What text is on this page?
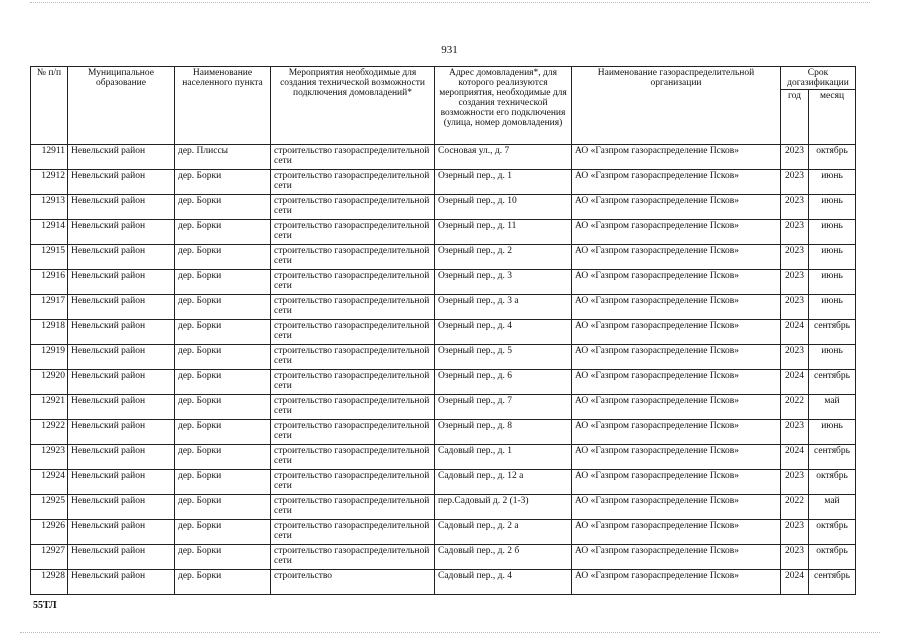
931
№ п/п	Муниципальное образование	Наименование населенного пункта	Мероприятия необходимые для создания технической возможности подключения домовладений*	Адрес домовладения*, для которого реализуются мероприятия, необходимые для создания технической возможности его подключения (улица, номер домовладения)	Наименование газораспределительной организации	Срок догазификации	
						год	месяц
12911	Невельский район	дер. Плиссы	строительство газораспределительной сети	Сосновая ул., д. 7	АО «Газпром газораспределение Псков»	2023	октябрь
12912	Невельский район	дер. Борки	строительство газораспределительной сети	Озерный пер., д. 1	АО «Газпром газораспределение Псков»	2023	июнь
12913	Невельский район	дер. Борки	строительство газораспределительной сети	Озерный пер., д. 10	АО «Газпром газораспределение Псков»	2023	июнь
12914	Невельский район	дер. Борки	строительство газораспределительной сети	Озерный пер., д. 11	АО «Газпром газораспределение Псков»	2023	июнь
12915	Невельский район	дер. Борки	строительство газораспределительной сети	Озерный пер., д. 2	АО «Газпром газораспределение Псков»	2023	июнь
12916	Невельский район	дер. Борки	строительство газораспределительной сети	Озерный пер., д. 3	АО «Газпром газораспределение Псков»	2023	июнь
12917	Невельский район	дер. Борки	строительство газораспределительной сети	Озерный пер., д. 3 а	АО «Газпром газораспределение Псков»	2023	июнь
12918	Невельский район	дер. Борки	строительство газораспределительной сети	Озерный пер., д. 4	АО «Газпром газораспределение Псков»	2024	сентябрь
12919	Невельский район	дер. Борки	строительство газораспределительной сети	Озерный пер., д. 5	АО «Газпром газораспределение Псков»	2023	июнь
12920	Невельский район	дер. Борки	строительство газораспределительной сети	Озерный пер., д. 6	АО «Газпром газораспределение Псков»	2024	сентябрь
12921	Невельский район	дер. Борки	строительство газораспределительной сети	Озерный пер., д. 7	АО «Газпром газораспределение Псков»	2022	май
12922	Невельский район	дер. Борки	строительство газораспределительной сети	Озерный пер., д. 8	АО «Газпром газораспределение Псков»	2023	июнь
12923	Невельский район	дер. Борки	строительство газораспределительной сети	Садовый пер., д. 1	АО «Газпром газораспределение Псков»	2024	сентябрь
12924	Невельский район	дер. Борки	строительство газораспределительной сети	Садовый пер., д. 12 а	АО «Газпром газораспределение Псков»	2023	октябрь
12925	Невельский район	дер. Борки	строительство газораспределительной сети	пер.Садовый д. 2 (1-3)	АО «Газпром газораспределение Псков»	2022	май
12926	Невельский район	дер. Борки	строительство газораспределительной сети	Садовый пер., д. 2 а	АО «Газпром газораспределение Псков»	2023	октябрь
12927	Невельский район	дер. Борки	строительство газораспределительной сети	Садовый пер., д. 2 б	АО «Газпром газораспределение Псков»	2023	октябрь
12928	Невельский район	дер. Борки	строительство	Садовый пер., д. 4	АО «Газпром газораспределение Псков»	2024	сентябрь
55ТЛ
